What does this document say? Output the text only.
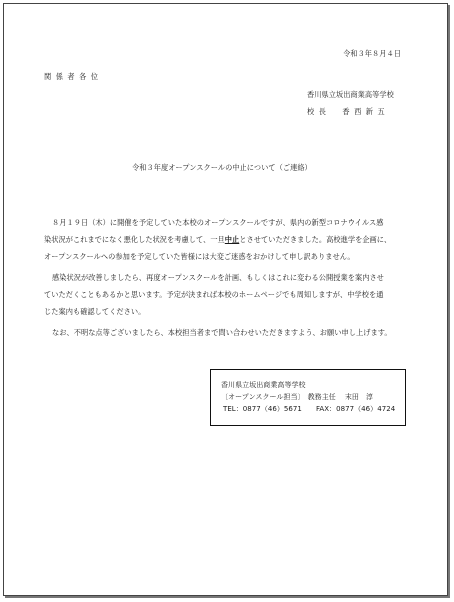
令和３年８月４日
関係者各位
香川県立坂出商業高等学校
校長 香西新五
令和３年度オープンスクールの中止について（ご連絡）
８月１９日（木）に開催を予定していた本校のオープンスクールですが、県内の新型コロナウイルス感
染状況がこれまでになく悪化した状況を考慮して、一旦中止とさせていただきました。高校進学を企画に、
オープンスクールへの参加を予定していた皆様には大変ご迷惑をおかけして申し訳ありません。
感染状況が改善しましたら、再度オープンスクールを計画、もしくはこれに変わる公開授業を案内させ
ていただくこともあるかと思います。予定が決まれば本校のホームページでも周知しますが、中学校を通
じた案内も確認してください。
なお、不明な点等ございましたら、本校担当者まで問い合わせいただきますよう、お願い申し上げます。
香川県立坂出商業高等学校
〔オープンスクール担当〕 教務主任 末田　淳
TEL：0877（46）5671 FAX：0877（46）4724
